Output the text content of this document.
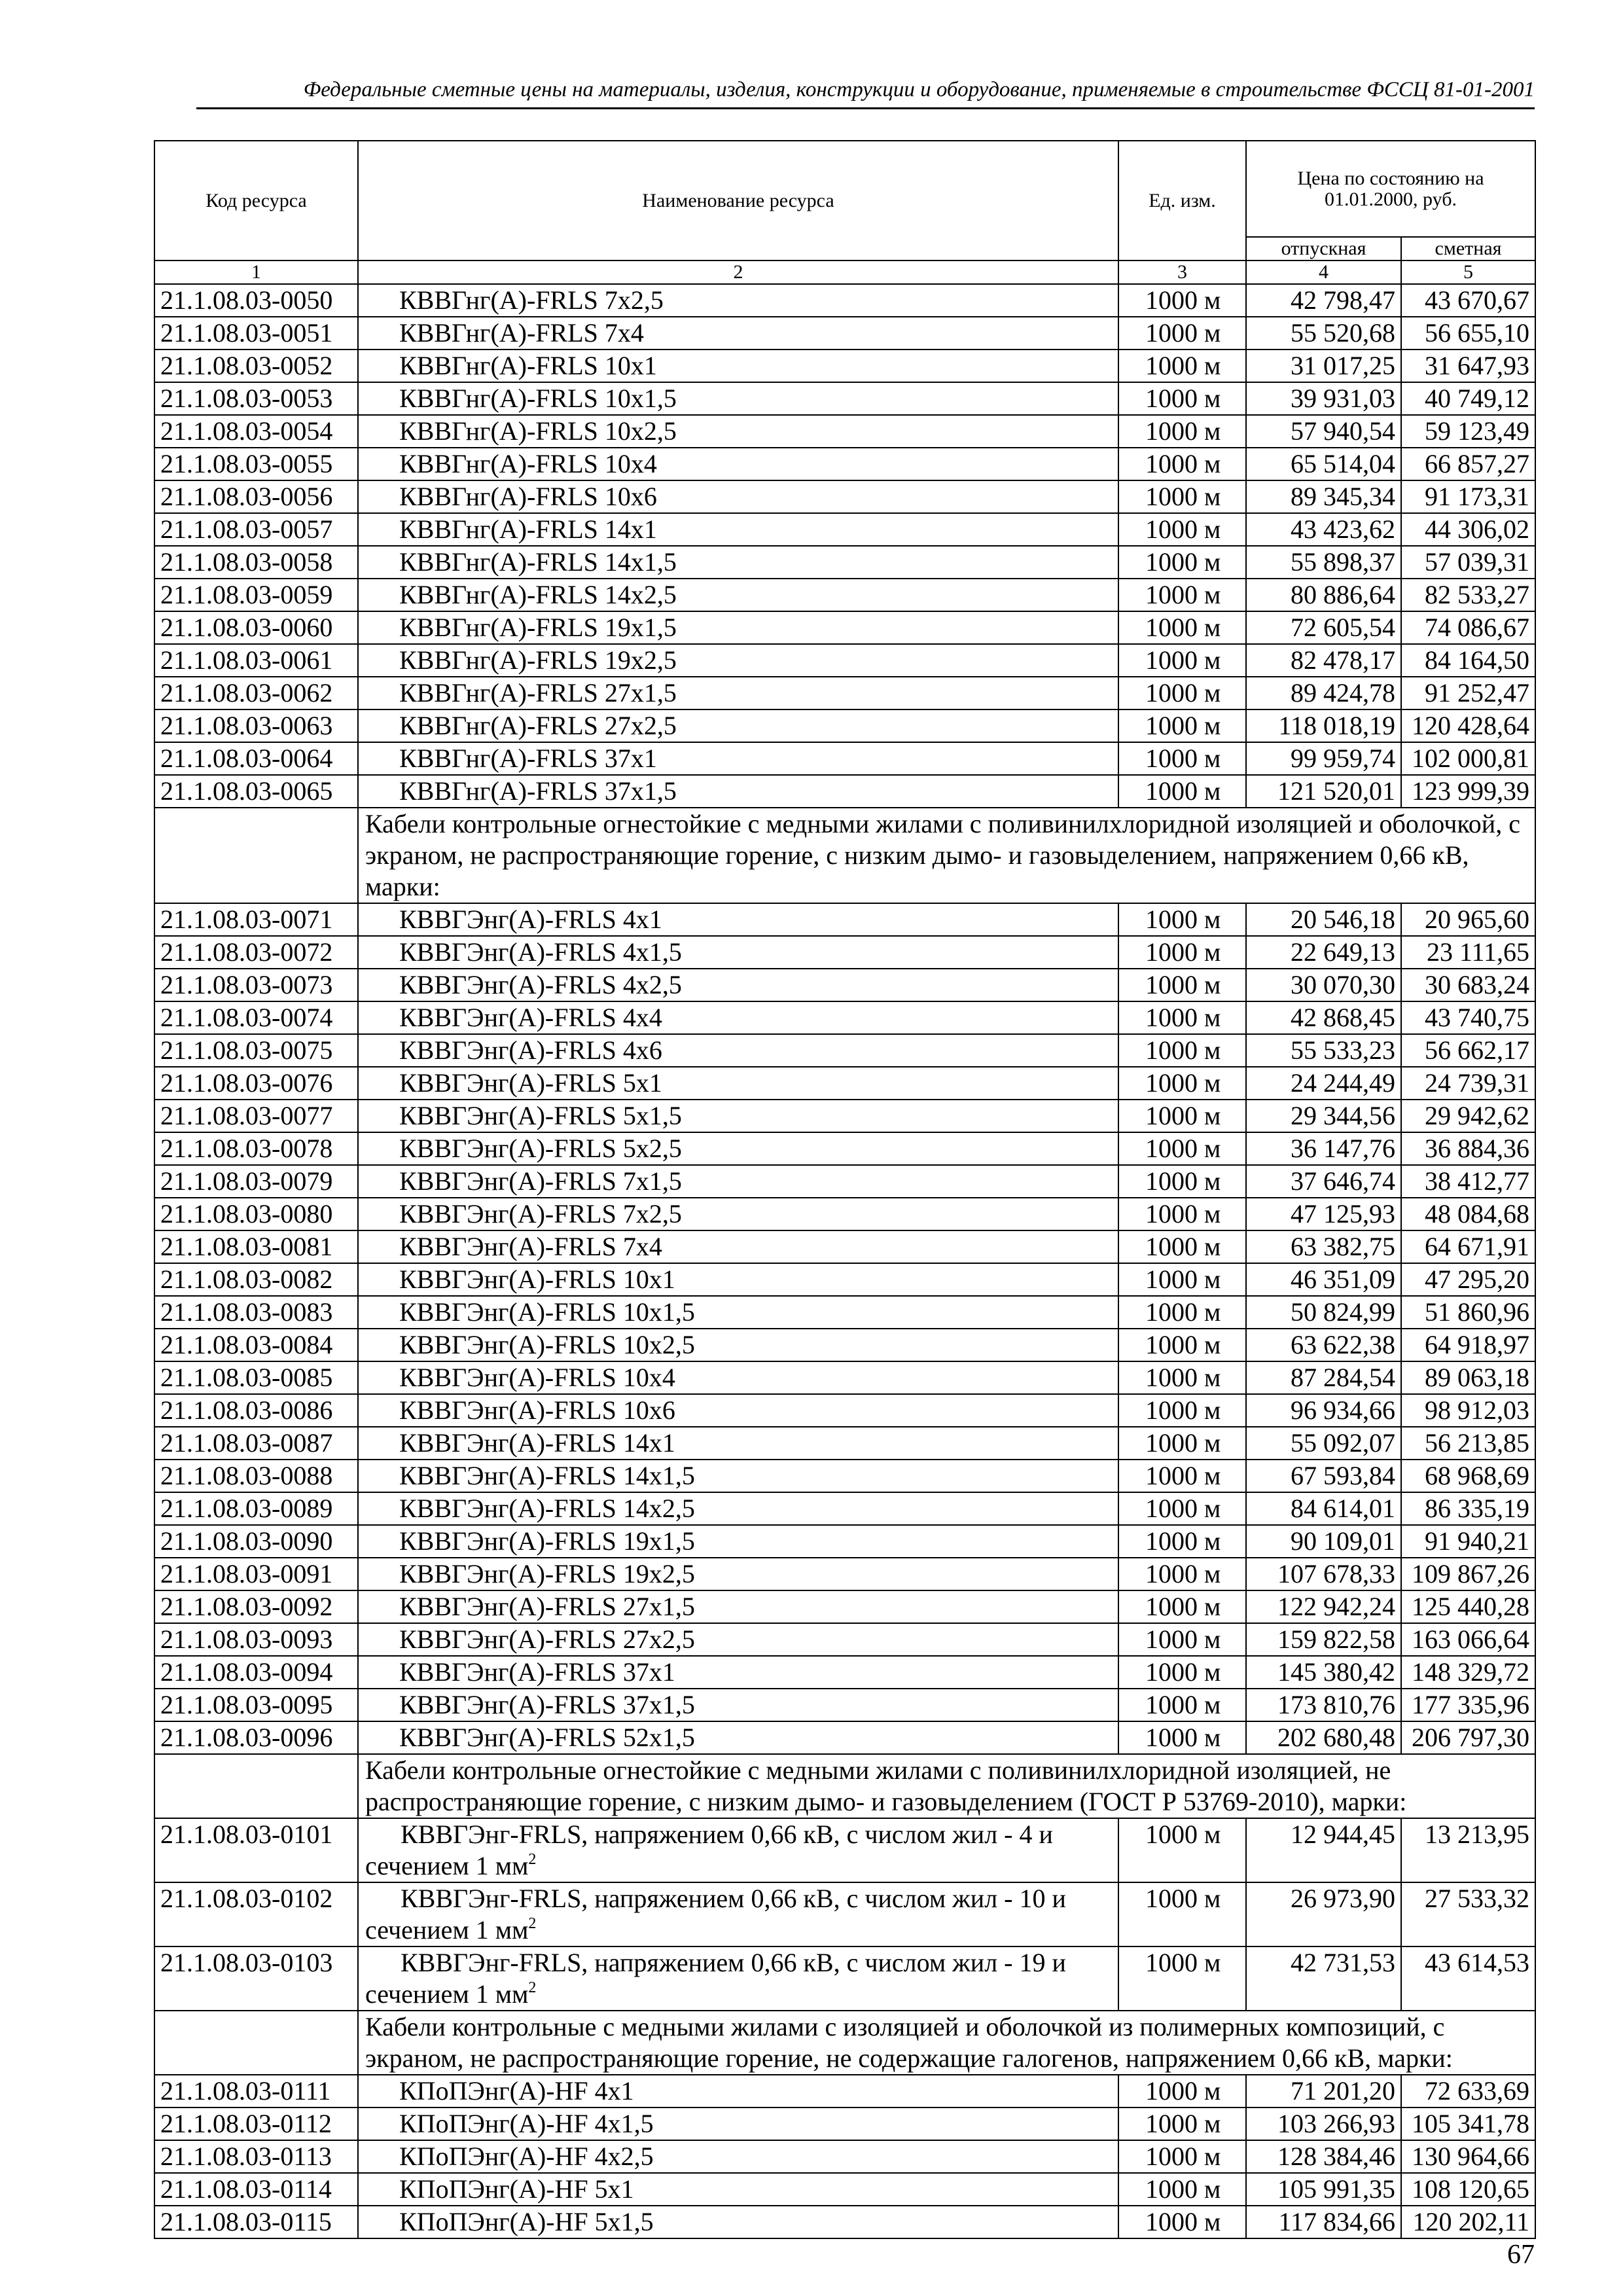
Федеральные сметные цены на материалы, изделия, конструкции и оборудование, применяемые в строительстве ФССЦ 81-01-2001
Код ресурса	Наименование ресурса	Ед. изм.	Цена по состоянию на 01.01.2000, руб.	
			отпускная	сметная
1	2	3	4	5
21.1.08.03-0050	КВВГнг(А)-FRLS 7х2,5	1000 м	42 798,47	43 670,67
21.1.08.03-0051	КВВГнг(А)-FRLS 7х4	1000 м	55 520,68	56 655,10
21.1.08.03-0052	КВВГнг(А)-FRLS 10х1	1000 м	31 017,25	31 647,93
21.1.08.03-0053	КВВГнг(А)-FRLS 10х1,5	1000 м	39 931,03	40 749,12
21.1.08.03-0054	КВВГнг(А)-FRLS 10х2,5	1000 м	57 940,54	59 123,49
21.1.08.03-0055	КВВГнг(А)-FRLS 10х4	1000 м	65 514,04	66 857,27
21.1.08.03-0056	КВВГнг(А)-FRLS 10х6	1000 м	89 345,34	91 173,31
21.1.08.03-0057	КВВГнг(А)-FRLS 14х1	1000 м	43 423,62	44 306,02
21.1.08.03-0058	КВВГнг(А)-FRLS 14х1,5	1000 м	55 898,37	57 039,31
21.1.08.03-0059	КВВГнг(А)-FRLS 14х2,5	1000 м	80 886,64	82 533,27
21.1.08.03-0060	КВВГнг(А)-FRLS 19х1,5	1000 м	72 605,54	74 086,67
21.1.08.03-0061	КВВГнг(А)-FRLS 19х2,5	1000 м	82 478,17	84 164,50
21.1.08.03-0062	КВВГнг(А)-FRLS 27х1,5	1000 м	89 424,78	91 252,47
21.1.08.03-0063	КВВГнг(А)-FRLS 27х2,5	1000 м	118 018,19	120 428,64
21.1.08.03-0064	КВВГнг(А)-FRLS 37х1	1000 м	99 959,74	102 000,81
21.1.08.03-0065	КВВГнг(А)-FRLS 37х1,5	1000 м	121 520,01	123 999,39
	Кабели контрольные огнестойкие с медными жилами с поливинилхлоридной изоляцией и оболочкой, с экраном, не распространяющие горение, с низким дымо- и газовыделением, напряжением 0,66 кВ, марки:			
21.1.08.03-0071	КВВГЭнг(А)-FRLS 4х1	1000 м	20 546,18	20 965,60
21.1.08.03-0072	КВВГЭнг(А)-FRLS 4х1,5	1000 м	22 649,13	23 111,65
21.1.08.03-0073	КВВГЭнг(А)-FRLS 4х2,5	1000 м	30 070,30	30 683,24
21.1.08.03-0074	КВВГЭнг(А)-FRLS 4х4	1000 м	42 868,45	43 740,75
21.1.08.03-0075	КВВГЭнг(А)-FRLS 4х6	1000 м	55 533,23	56 662,17
21.1.08.03-0076	КВВГЭнг(А)-FRLS 5х1	1000 м	24 244,49	24 739,31
21.1.08.03-0077	КВВГЭнг(А)-FRLS 5х1,5	1000 м	29 344,56	29 942,62
21.1.08.03-0078	КВВГЭнг(А)-FRLS 5х2,5	1000 м	36 147,76	36 884,36
21.1.08.03-0079	КВВГЭнг(А)-FRLS 7х1,5	1000 м	37 646,74	38 412,77
21.1.08.03-0080	КВВГЭнг(А)-FRLS 7х2,5	1000 м	47 125,93	48 084,68
21.1.08.03-0081	КВВГЭнг(А)-FRLS 7х4	1000 м	63 382,75	64 671,91
21.1.08.03-0082	КВВГЭнг(А)-FRLS 10х1	1000 м	46 351,09	47 295,20
21.1.08.03-0083	КВВГЭнг(А)-FRLS 10х1,5	1000 м	50 824,99	51 860,96
21.1.08.03-0084	КВВГЭнг(А)-FRLS 10х2,5	1000 м	63 622,38	64 918,97
21.1.08.03-0085	КВВГЭнг(А)-FRLS 10х4	1000 м	87 284,54	89 063,18
21.1.08.03-0086	КВВГЭнг(А)-FRLS 10х6	1000 м	96 934,66	98 912,03
21.1.08.03-0087	КВВГЭнг(А)-FRLS 14х1	1000 м	55 092,07	56 213,85
21.1.08.03-0088	КВВГЭнг(А)-FRLS 14х1,5	1000 м	67 593,84	68 968,69
21.1.08.03-0089	КВВГЭнг(А)-FRLS 14х2,5	1000 м	84 614,01	86 335,19
21.1.08.03-0090	КВВГЭнг(А)-FRLS 19х1,5	1000 м	90 109,01	91 940,21
21.1.08.03-0091	КВВГЭнг(А)-FRLS 19х2,5	1000 м	107 678,33	109 867,26
21.1.08.03-0092	КВВГЭнг(А)-FRLS 27х1,5	1000 м	122 942,24	125 440,28
21.1.08.03-0093	КВВГЭнг(А)-FRLS 27х2,5	1000 м	159 822,58	163 066,64
21.1.08.03-0094	КВВГЭнг(А)-FRLS 37х1	1000 м	145 380,42	148 329,72
21.1.08.03-0095	КВВГЭнг(А)-FRLS 37х1,5	1000 м	173 810,76	177 335,96
21.1.08.03-0096	КВВГЭнг(А)-FRLS 52х1,5	1000 м	202 680,48	206 797,30
	Кабели контрольные огнестойкие с медными жилами с поливинилхлоридной изоляцией, не распространяющие горение, с низким дымо- и газовыделением (ГОСТ Р 53769-2010), марки:			
21.1.08.03-0101	КВВГЭнг-FRLS, напряжением 0,66 кВ, с числом жил - 4 и сечением 1 $мм^2$	1000 м	12 944,45	13 213,95
21.1.08.03-0102	КВВГЭнг-FRLS, напряжением 0,66 кВ, с числом жил - 10 и сечением 1 $мм^2$	1000 м	26 973,90	27 533,32
21.1.08.03-0103	КВВГЭнг-FRLS, напряжением 0,66 кВ, с числом жил - 19 и сечением 1 $мм^2$	1000 м	42 731,53	43 614,53
	Кабели контрольные с медными жилами с изоляцией и оболочкой из полимерных композиций, с экраном, не распространяющие горение, не содержащие галогенов, напряжением 0,66 кВ, марки:			
21.1.08.03-0111	КПоПЭнг(А)-HF 4х1	1000 м	71 201,20	72 633,69
21.1.08.03-0112	КПоПЭнг(А)-HF 4х1,5	1000 м	103 266,93	105 341,78
21.1.08.03-0113	КПоПЭнг(А)-HF 4х2,5	1000 м	128 384,46	130 964,66
21.1.08.03-0114	КПоПЭнг(А)-HF 5х1	1000 м	105 991,35	108 120,65
21.1.08.03-0115	КПоПЭнг(А)-HF 5х1,5	1000 м	117 834,66	120 202,11
67
